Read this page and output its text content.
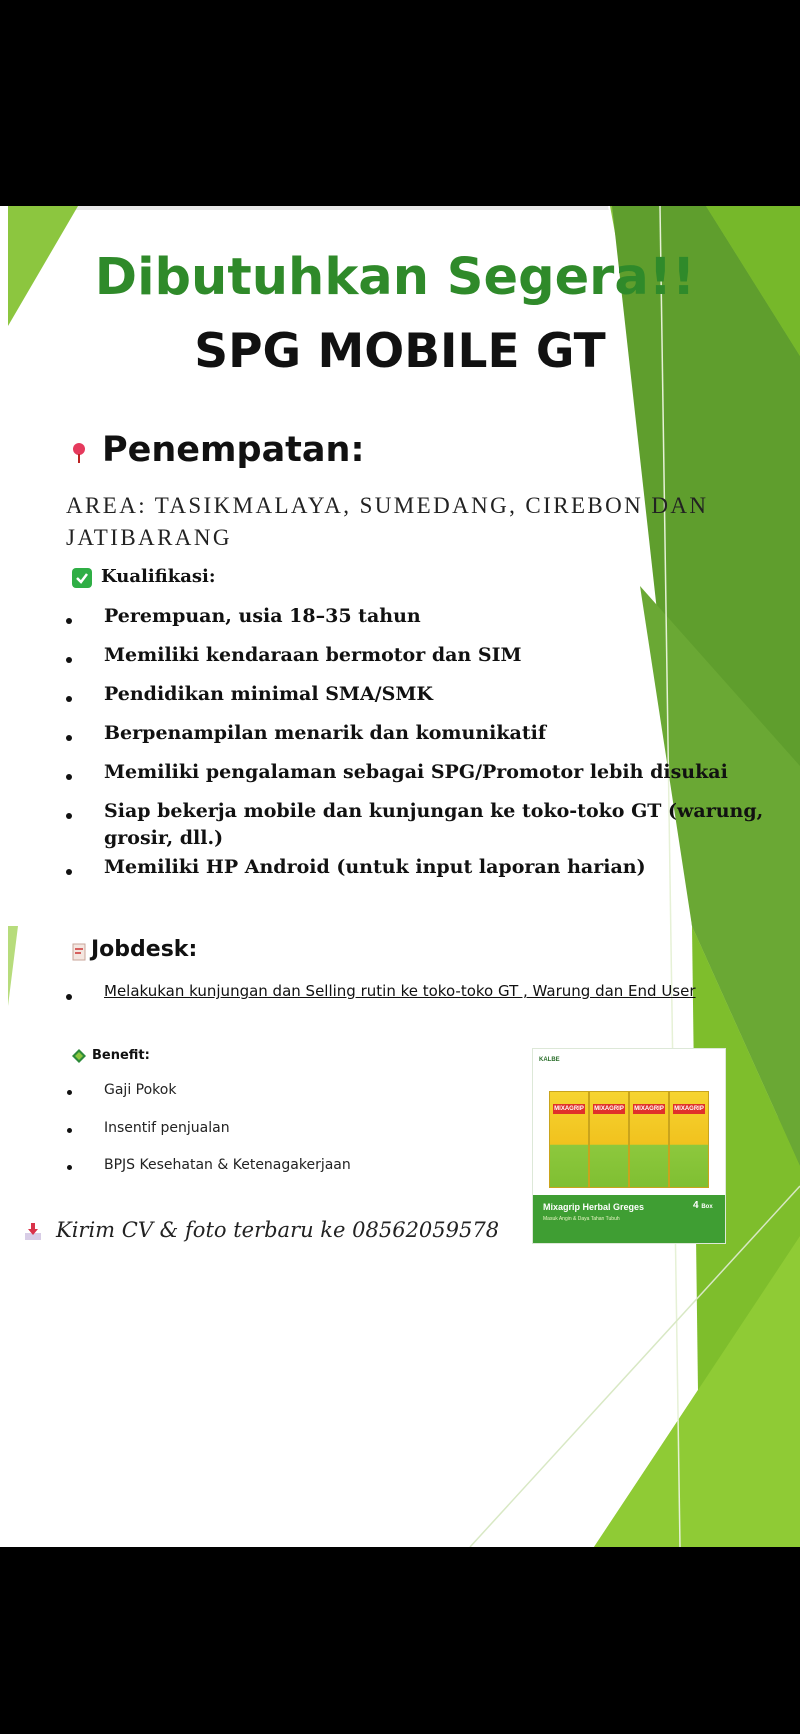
Dibutuhkan Segera!!
SPG MOBILE GT
Penempatan:
AREA: TASIKMALAYA, SUMEDANG, CIREBON DAN JATIBARANG
Kualifikasi:
Perempuan, usia 18–35 tahun
Memiliki kendaraan bermotor dan SIM
Pendidikan minimal SMA/SMK
Berpenampilan menarik dan komunikatif
Memiliki pengalaman sebagai SPG/Promotor lebih disukai
Siap bekerja mobile dan kunjungan ke toko-toko GT (warung, grosir, dll.)
Memiliki HP Android (untuk input laporan harian)
Jobdesk:
Melakukan kunjungan dan Selling rutin ke toko-toko GT , Warung dan End User
Benefit:
Gaji Pokok
Insentif penjualan
BPJS Kesehatan & Ketenagakerjaan
Kirim CV & foto terbaru ke 08562059578
KALBE
MIXAGRIP MIXAGRIP MIXAGRIP MIXAGRIP
Mixagrip Herbal Greges
Masuk Angin & Daya Tahan Tubuh
4 Box
